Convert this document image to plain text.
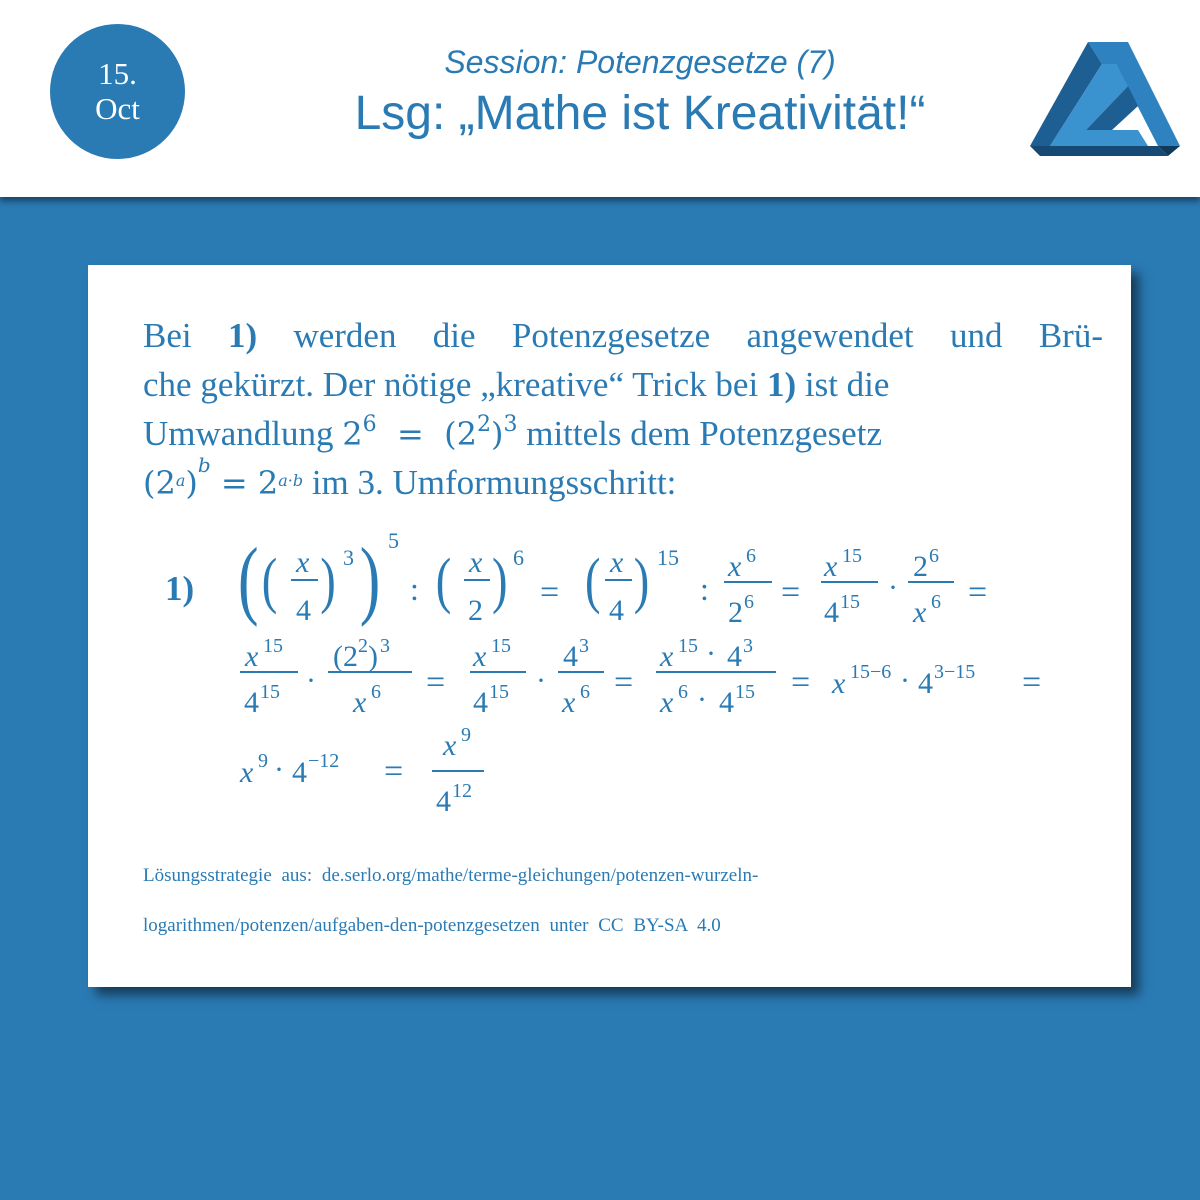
15.
Oct
Session: Potenzgesetze (7)
Lsg: „Mathe ist Kreativität!“
Bei 1) werden die Potenzgesetze angewendet und Brü-
che gekürzt. Der nötige „kreative“ Trick bei 1) ist die
Umwandlung $2^6 = (2^2)^3$ mittels dem Potenzgesetz
$(2^a)^b = 2^{a\cdot b}$ im 3. Umformungsschritt:
1) ( ( x
4 ) 3 ) 5
: ( x
2 ) 6
= ( x
4 ) 15
:
x 6
2 6 =
x 15
4 15 ·
2 6
x 6 =
x 15
4 15 ·
(2 2 ) 3
x 6 =
x 15
4 15 ·
4 3
x 6 =
x 15 · 4 3
x 6 · 4 15 = x 15−6 · 4 3−15 =
x 9 · 4 −12 =
x 9
4 12
Lösungsstrategie aus: de.serlo.org/mathe/terme-gleichungen/potenzen-wurzeln-
logarithmen/potenzen/aufgaben-den-potenzgesetzen unter CC BY-SA 4.0
